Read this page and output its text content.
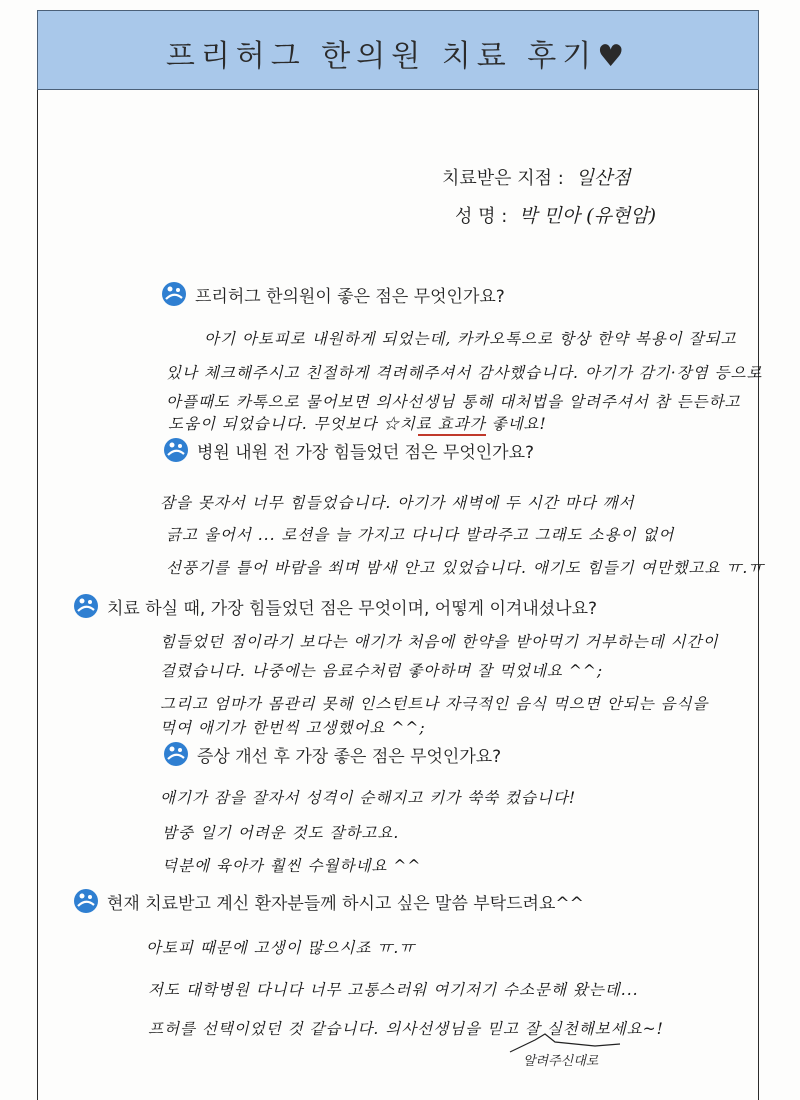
프리허그 한의원 치료 후기♥
치료받은 지점 : 일산점
성 명 : 박 민아 (유현암)
프리허그 한의원이 좋은 점은 무엇인가요?
아기 아토피로 내원하게 되었는데, 카카오톡으로 항상 한약 복용이 잘되고
있나 체크해주시고 친절하게 격려해주셔서 감사했습니다. 아기가 감기·장염 등으로
아플때도 카톡으로 물어보면 의사선생님 통해 대처법을 알려주셔서 참 든든하고
도움이 되었습니다. 무엇보다 ☆치료 효과가 좋네요!
병원 내원 전 가장 힘들었던 점은 무엇인가요?
잠을 못자서 너무 힘들었습니다. 아기가 새벽에 두 시간 마다 깨서
긁고 울어서 ... 로션을 늘 가지고 다니다 발라주고 그래도 소용이 없어
선풍기를 틀어 바람을 쐬며 밤새 안고 있었습니다. 애기도 힘들기 여만했고요 ㅠ.ㅠ
치료 하실 때, 가장 힘들었던 점은 무엇이며, 어떻게 이겨내셨나요?
힘들었던 점이라기 보다는 애기가 처음에 한약을 받아먹기 거부하는데 시간이
걸렸습니다. 나중에는 음료수처럼 좋아하며 잘 먹었네요 ^^;
그리고 엄마가 몸관리 못해 인스턴트나 자극적인 음식 먹으면 안되는 음식을
먹여 애기가 한번씩 고생했어요 ^^;
증상 개선 후 가장 좋은 점은 무엇인가요?
애기가 잠을 잘자서 성격이 순해지고 키가 쑥쑥 컸습니다!
밤중 일기 어려운 것도 잘하고요.
덕분에 육아가 훨씬 수월하네요 ^^
현재 치료받고 계신 환자분들께 하시고 싶은 말씀 부탁드려요^^
아토피 때문에 고생이 많으시죠 ㅠ.ㅠ
저도 대학병원 다니다 너무 고통스러워 여기저기 수소문해 왔는데...
프허를 선택이었던 것 같습니다. 의사선생님을 믿고 잘 실천해보세요~!
알려주신대로
